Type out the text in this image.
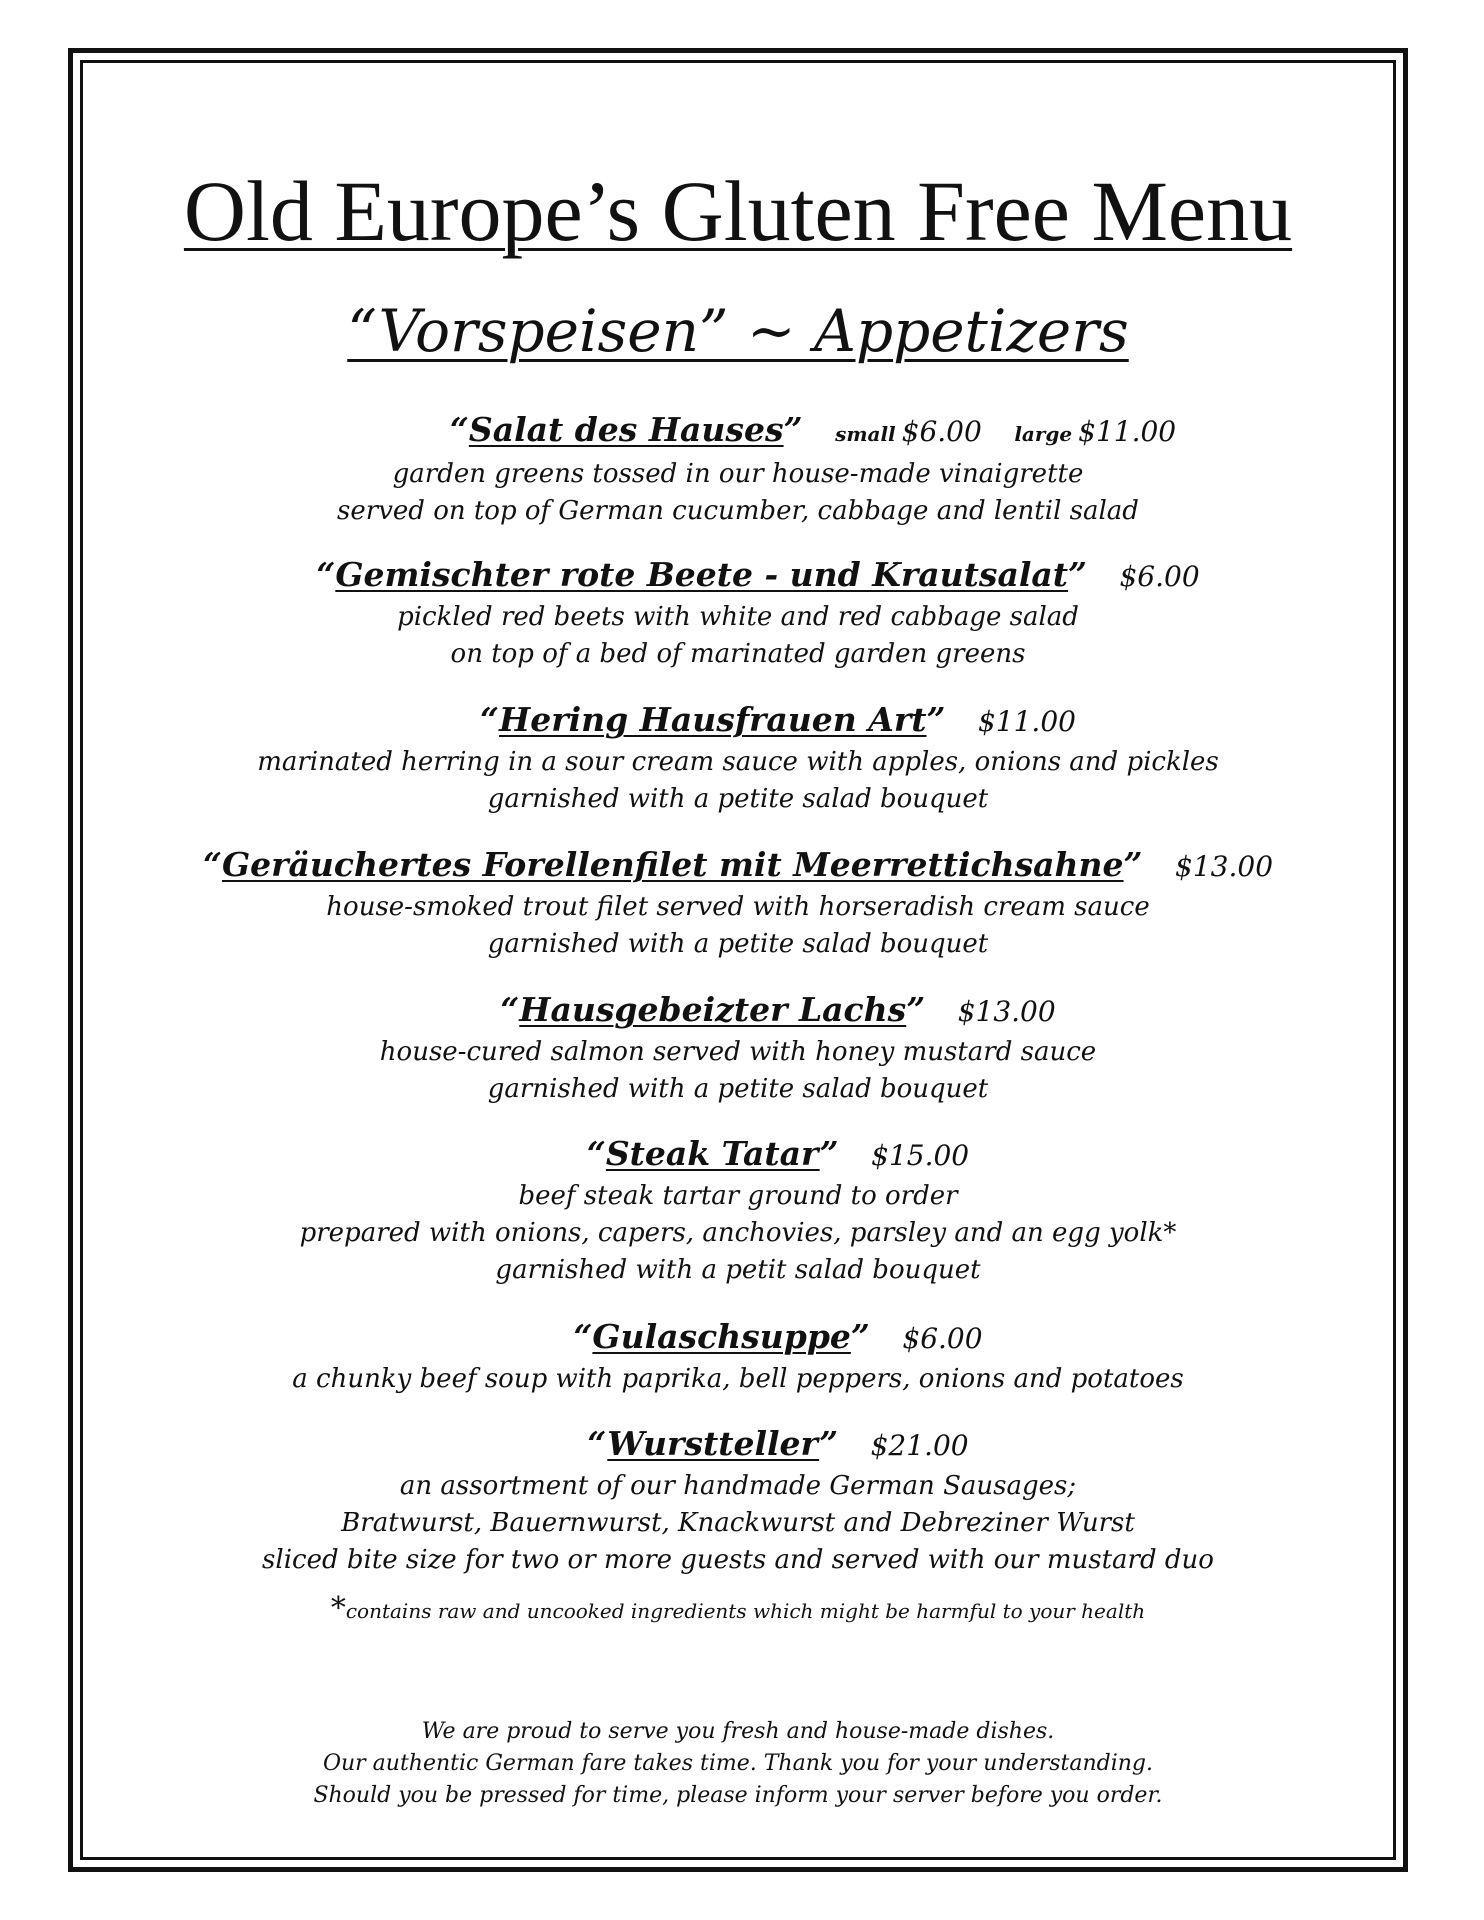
Old Europe’s Gluten Free Menu
“Vorspeisen” ~ Appetizers
“Salat des Hauses” small $6.00 large $11.00
garden greens tossed in our house-made vinaigrette
served on top of German cucumber, cabbage and lentil salad
“Gemischter rote Beete - und Krautsalat” $6.00
pickled red beets with white and red cabbage salad
on top of a bed of marinated garden greens
“Hering Hausfrauen Art” $11.00
marinated herring in a sour cream sauce with apples, onions and pickles
garnished with a petite salad bouquet
“Geräuchertes Forellenfilet mit Meerrettichsahne” $13.00
house-smoked trout filet served with horseradish cream sauce
garnished with a petite salad bouquet
“Hausgebeizter Lachs” $13.00
house-cured salmon served with honey mustard sauce
garnished with a petite salad bouquet
“Steak Tatar” $15.00
beef steak tartar ground to order
prepared with onions, capers, anchovies, parsley and an egg yolk*
garnished with a petit salad bouquet
“Gulaschsuppe” $6.00
a chunky beef soup with paprika, bell peppers, onions and potatoes
“Wurstteller” $21.00
an assortment of our handmade German Sausages;
Bratwurst, Bauernwurst, Knackwurst and Debreziner Wurst
sliced bite size for two or more guests and served with our mustard duo
*contains raw and uncooked ingredients which might be harmful to your health
We are proud to serve you fresh and house-made dishes.
Our authentic German fare takes time. Thank you for your understanding.
Should you be pressed for time, please inform your server before you order.
